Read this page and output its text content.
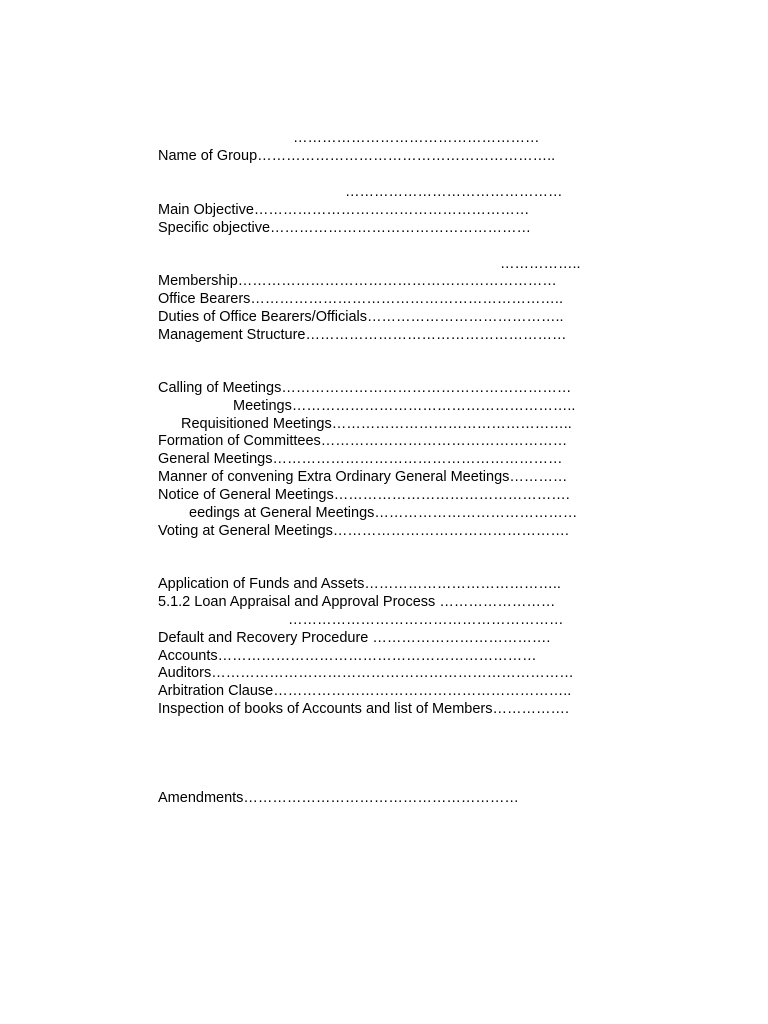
……………………………………………
Name of Group……………………………………………………..
………………………………………
Main Objective…………………………………………………
Specific objective………………………………………………
……………..
Membership…………………………………………………………
Office Bearers………………………………………………………..
Duties of Office Bearers/Officials…………………………………..
Management Structure………………………………………………
Calling of Meetings……………………………………………………
Meetings…………………………………………………..
Requisitioned Meetings…………………………………………..
Formation of Committees……………………………………………
General Meetings……………………………………………………
Manner of convening Extra Ordinary General Meetings…………
Notice of General Meetings………………………………………….
eedings at General Meetings……………………………………
Voting at General Meetings………………………………………….
Application of Funds and Assets…………………………………..
5.1.2 Loan Appraisal and Approval Process ……………………
…………………………………………………
Default and Recovery Procedure ……………………………….
Accounts…………………………………………………………
Auditors…………………………………………………………………
Arbitration Clause……………………………………………………..
Inspection of books of Accounts and list of Members…………….
Amendments…………………………………………………
